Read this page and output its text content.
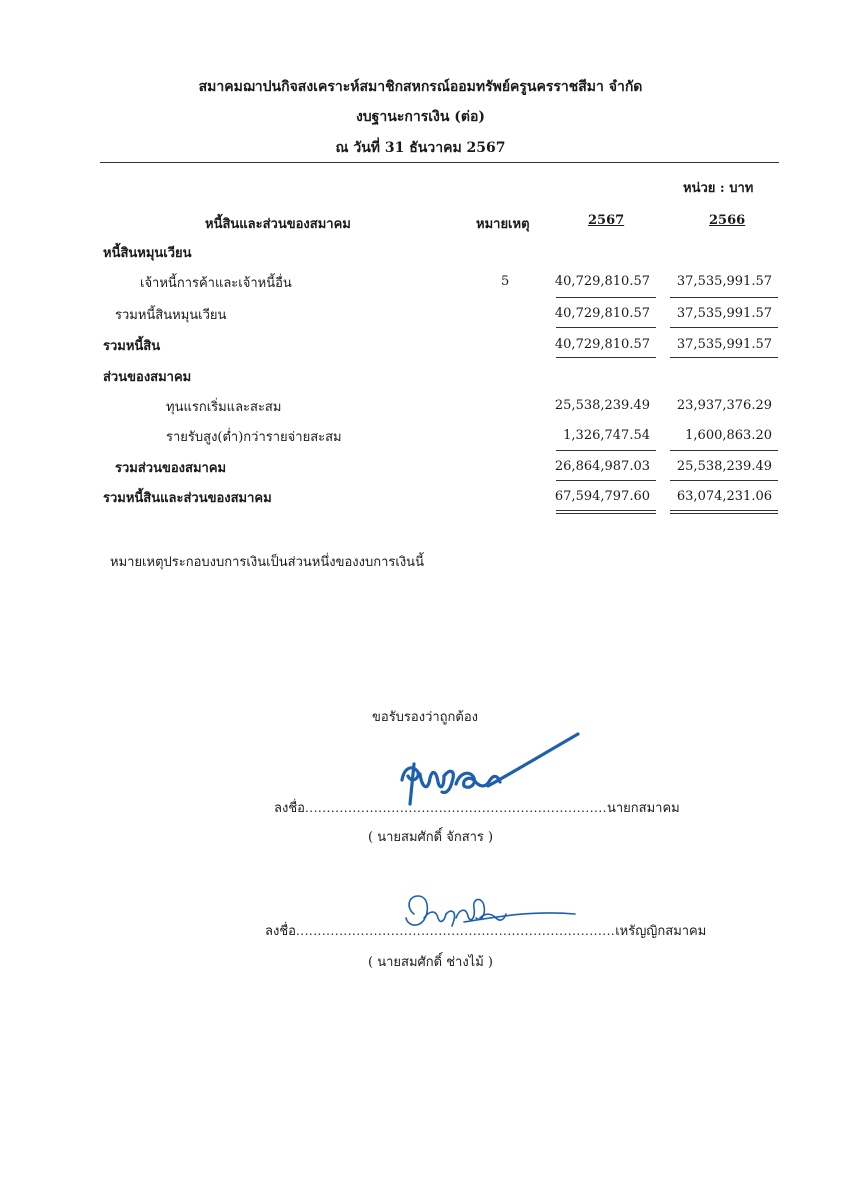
สมาคมฌาปนกิจสงเคราะห์สมาชิกสหกรณ์ออมทรัพย์ครูนครราชสีมา จำกัด
งบฐานะการเงิน (ต่อ)
ณ วันที่ 31 ธันวาคม 2567
หน่วย : บาท
หนี้สินและส่วนของสมาคม	หมายเหตุ	2567	2566
หนี้สินหมุนเวียน
เจ้าหนี้การค้าและเจ้าหนี้อื่น	5	40,729,810.57	37,535,991.57
รวมหนี้สินหมุนเวียน	40,729,810.57	37,535,991.57
รวมหนี้สิน	40,729,810.57	37,535,991.57
ส่วนของสมาคม
ทุนแรกเริ่มและสะสม	25,538,239.49	23,937,376.29
รายรับสูง(ต่ำ)กว่ารายจ่ายสะสม	1,326,747.54	1,600,863.20
รวมส่วนของสมาคม	26,864,987.03	25,538,239.49
รวมหนี้สินและส่วนของสมาคม	67,594,797.60	63,074,231.06
หมายเหตุประกอบงบการเงินเป็นส่วนหนึ่งของงบการเงินนี้
ขอรับรองว่าถูกต้อง
ลงชื่อ......................................................................นายกสมาคม
( นายสมศักดิ์ จักสาร )
ลงชื่อ..........................................................................เหรัญญิกสมาคม
( นายสมศักดิ์ ช่างไม้ )
